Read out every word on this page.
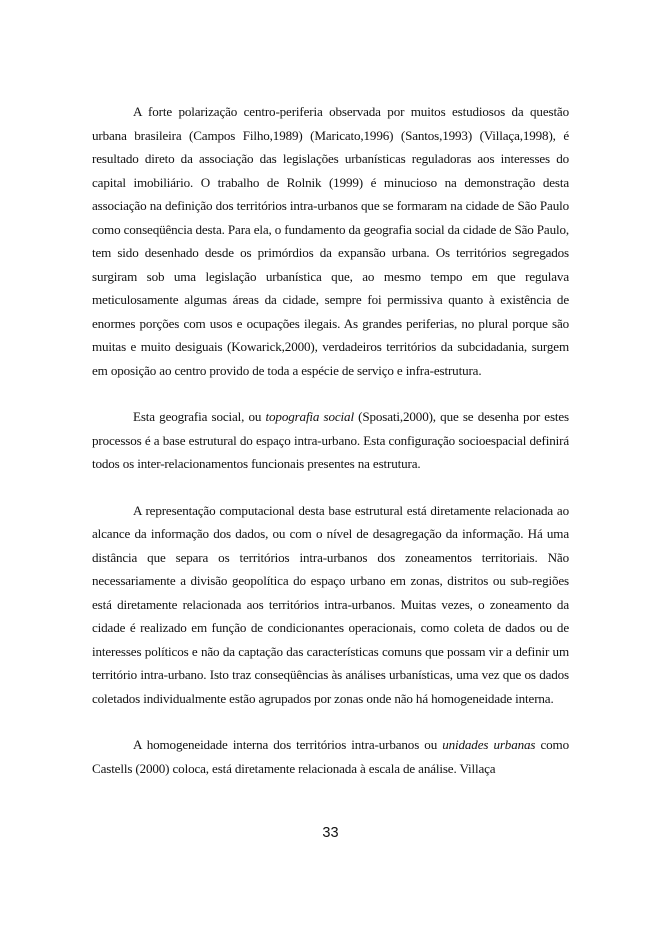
A forte polarização centro-periferia observada por muitos estudiosos da questão urbana brasileira (Campos Filho,1989) (Maricato,1996) (Santos,1993) (Villaça,1998), é resultado direto da associação das legislações urbanísticas reguladoras aos interesses do capital imobiliário. O trabalho de Rolnik (1999) é minucioso na demonstração desta associação na definição dos territórios intra-urbanos que se formaram na cidade de São Paulo como conseqüência desta. Para ela, o fundamento da geografia social da cidade de São Paulo, tem sido desenhado desde os primórdios da expansão urbana. Os territórios segregados surgiram sob uma legislação urbanística que, ao mesmo tempo em que regulava meticulosamente algumas áreas da cidade, sempre foi permissiva quanto à existência de enormes porções com usos e ocupações ilegais. As grandes periferias, no plural porque são muitas e muito desiguais (Kowarick,2000), verdadeiros territórios da subcidadania, surgem em oposição ao centro provido de toda a espécie de serviço e infra-estrutura.

Esta geografia social, ou topografia social (Sposati,2000), que se desenha por estes processos é a base estrutural do espaço intra-urbano. Esta configuração socioespacial definirá todos os inter-relacionamentos funcionais presentes na estrutura.

A representação computacional desta base estrutural está diretamente relacionada ao alcance da informação dos dados, ou com o nível de desagregação da informação. Há uma distância que separa os territórios intra-urbanos dos zoneamentos territoriais. Não necessariamente a divisão geopolítica do espaço urbano em zonas, distritos ou sub-regiões está diretamente relacionada aos territórios intra-urbanos. Muitas vezes, o zoneamento da cidade é realizado em função de condicionantes operacionais, como coleta de dados ou de interesses políticos e não da captação das características comuns que possam vir a definir um território intra-urbano. Isto traz conseqüências às análises urbanísticas, uma vez que os dados coletados individualmente estão agrupados por zonas onde não há homogeneidade interna.

A homogeneidade interna dos territórios intra-urbanos ou unidades urbanas como Castells (2000) coloca, está diretamente relacionada à escala de análise. Villaça

33
